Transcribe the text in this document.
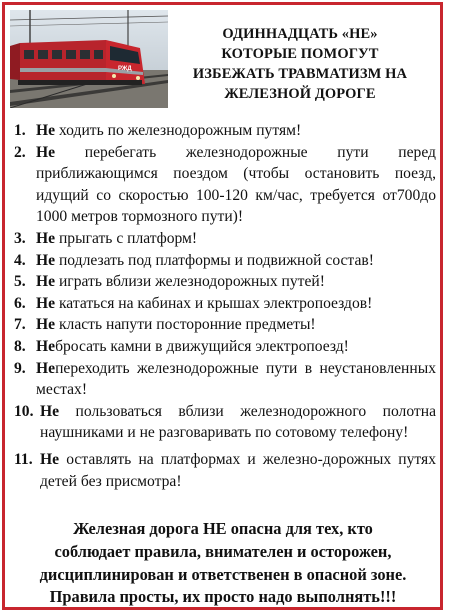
РЖД
ОДИННАДЦАТЬ «НЕ»
КОТОРЫЕ ПОМОГУТ
ИЗБЕЖАТЬ ТРАВМАТИЗМ НА
ЖЕЛЕЗНОЙ ДОРОГЕ
1. Не ходить по железнодорожным путям!
2. Не перебегать железнодорожные пути перед приближающимся поездом (чтобы остановить поезд, идущий со скоростью 100-120 км/час, требуется от700до 1000 метров тормозного пути)!
3. Не прыгать с платформ!
4. Не подлезать под платформы и подвижной состав!
5. Не играть вблизи железнодорожных путей!
6. Не кататься на кабинах и крышах электропоездов!
7. Не класть напути посторонние предметы!
8. Небросать камни в движущийся электропоезд!
9. Непереходить железнодорожные пути в неустановленных местах!
10. Не пользоваться вблизи железнодорожного полотна наушниками и не разговаривать по сотовому телефону!
11. Не оставлять на платформах и железно-дорожных путях детей без присмотра!
Железная дорога НЕ опасна для тех, кто
соблюдает правила, внимателен и осторожен,
дисциплинирован и ответственен в опасной зоне.
Правила просты, их просто надо выполнять!!!
